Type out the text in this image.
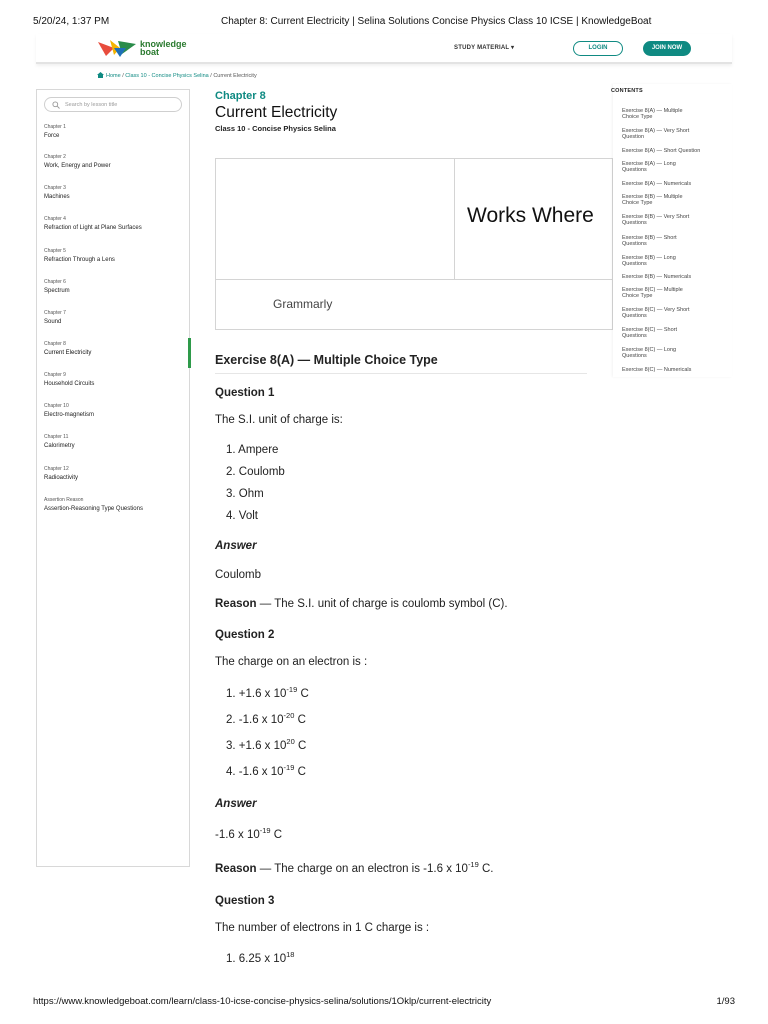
5/20/24, 1:37 PM	Chapter 8: Current Electricity | Selina Solutions Concise Physics Class 10 ICSE | KnowledgeBoat
knowledge
boat	STUDY MATERIAL ▾	LOGIN	JOIN NOW
Home / Class 10 - Concise Physics Selina / Current Electricity
Search by lesson title
Chapter 1
Force
Chapter 2
Work, Energy and Power
Chapter 3
Machines
Chapter 4
Refraction of Light at Plane Surfaces
Chapter 5
Refraction Through a Lens
Chapter 6
Spectrum
Chapter 7
Sound
Chapter 8
Current Electricity
Chapter 9
Household Circuits
Chapter 10
Electro-magnetism
Chapter 11
Calorimetry
Chapter 12
Radioactivity
Assertion Reason
Assertion-Reasoning Type Questions
Chapter 8
Current Electricity
Class 10 - Concise Physics Selina
Works Where
Grammarly
Exercise 8(A) — Multiple Choice Type
Question 1
The S.I. unit of charge is:
1. Ampere
2. Coulomb
3. Ohm
4. Volt
Answer
Coulomb
Reason — The S.I. unit of charge is coulomb symbol (C).
Question 2
The charge on an electron is :
1. +1.6 x $10^{-19}$ C
2. -1.6 x $10^{-20}$ C
3. +1.6 x $10^{20}$ C
4. -1.6 x $10^{-19}$ C
Answer
-1.6 x $10^{-19}$ C
Reason — The charge on an electron is -1.6 x $10^{-19}$ C.
Question 3
The number of electrons in 1 C charge is :
1. 6.25 x $10^{18}$
CONTENTS
Exercise 8(A) — Multiple
Choice Type
Exercise 8(A) — Very Short
Question
Exercise 8(A) — Short Question
Exercise 8(A) — Long
Questions
Exercise 8(A) — Numericals
Exercise 8(B) — Multiple
Choice Type
Exercise 8(B) — Very Short
Questions
Exercise 8(B) — Short
Questions
Exercise 8(B) — Long
Questions
Exercise 8(B) — Numericals
Exercise 8(C) — Multiple
Choice Type
Exercise 8(C) — Very Short
Questions
Exercise 8(C) — Short
Questions
Exercise 8(C) — Long
Questions
Exercise 8(C) — Numericals
https://www.knowledgeboat.com/learn/class-10-icse-concise-physics-selina/solutions/1Oklp/current-electricity	1/93
